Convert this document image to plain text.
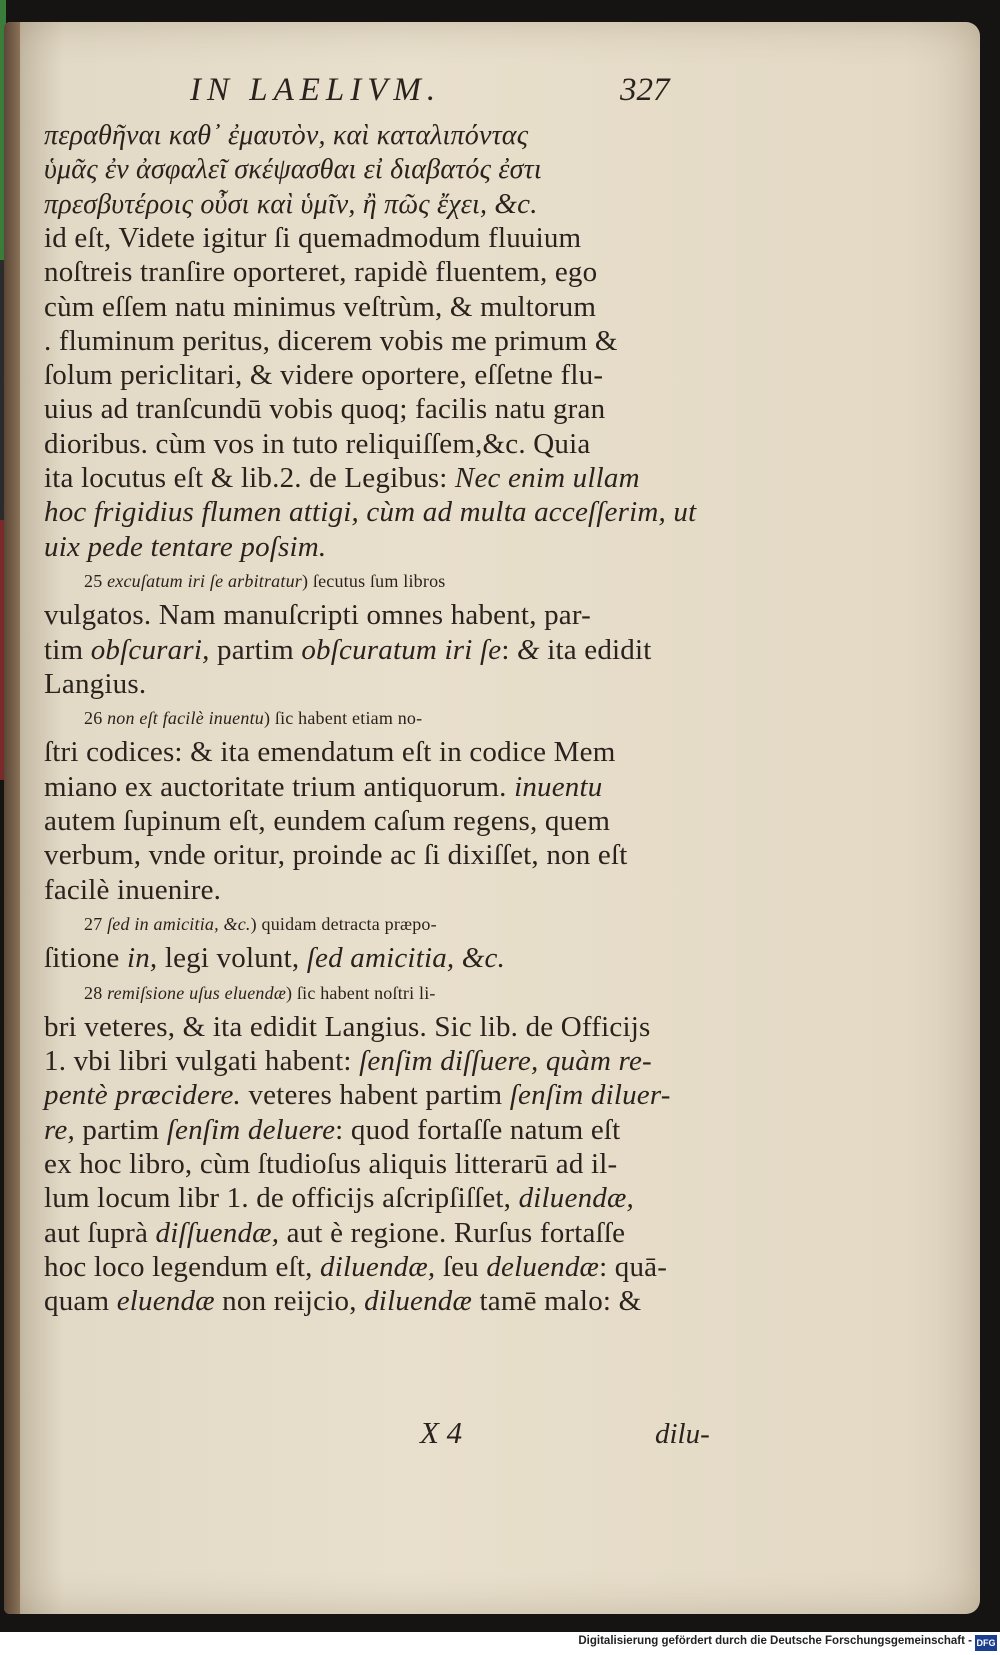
IN LAELIVM.	327
περαθῆναι καθ᾽ ἐμαυτὸν, καὶ καταλιπόντας
ὑμᾶς ἐν ἀσφαλεῖ σκέψασθαι εἰ διαβατός ἐστι
πρεσβυτέροις οὖσι καὶ ὑμῖν, ἢ πῶς ἔχει, &c.
id eſt, Videte igitur ſi quemadmodum fluuium
noſtreis tranſire oporteret, rapidè fluentem, ego
cùm eſſem natu minimus veſtrùm, & multorum
. fluminum peritus, dicerem vobis me primum &
ſolum periclitari, & videre oportere, eſſetne flu-
uius ad tranſcundū vobis quoq; facilis natu gran
dioribus. cùm vos in tuto reliquiſſem,&c. Quia
ita locutus eſt & lib.2. de Legibus: Nec enim ullam
hoc frigidius flumen attigi, cùm ad multa acceſſerim, ut
uix pede tentare poſsim.
25 excuſatum iri ſe arbitratur) ſecutus ſum libros
vulgatos. Nam manuſcripti omnes habent, par-
tim obſcurari, partim obſcuratum iri ſe: & ita edidit
Langius.
26 non eſt facilè inuentu) ſic habent etiam no-
ſtri codices: & ita emendatum eſt in codice Mem
miano ex auctoritate trium antiquorum. inuentu
autem ſupinum eſt, eundem caſum regens, quem
verbum, vnde oritur, proinde ac ſi dixiſſet, non eſt
facilè inuenire.
27 ſed in amicitia, &c.) quidam detracta præpo-
ſitione in, legi volunt, ſed amicitia, &c.
28 remiſsione uſus eluendæ) ſic habent noſtri li-
bri veteres, & ita edidit Langius. Sic lib. de Officijs
1. vbi libri vulgati habent: ſenſim diſſuere, quàm re-
pentè præcidere. veteres habent partim ſenſim diluer-
re, partim ſenſim deluere: quod fortaſſe natum eſt
ex hoc libro, cùm ſtudioſus aliquis litterarū ad il-
lum locum libr 1. de officijs aſcripſiſſet, diluendæ,
aut ſuprà diſſuendæ, aut è regione. Rurſus fortaſſe
hoc loco legendum eſt, diluendæ, ſeu deluendæ: quā-
quam eluendæ non reijcio, diluendæ tamē malo: &
X 4	dilu-
Digitalisierung gefördert durch die Deutsche Forschungsgemeinschaft - DFG
